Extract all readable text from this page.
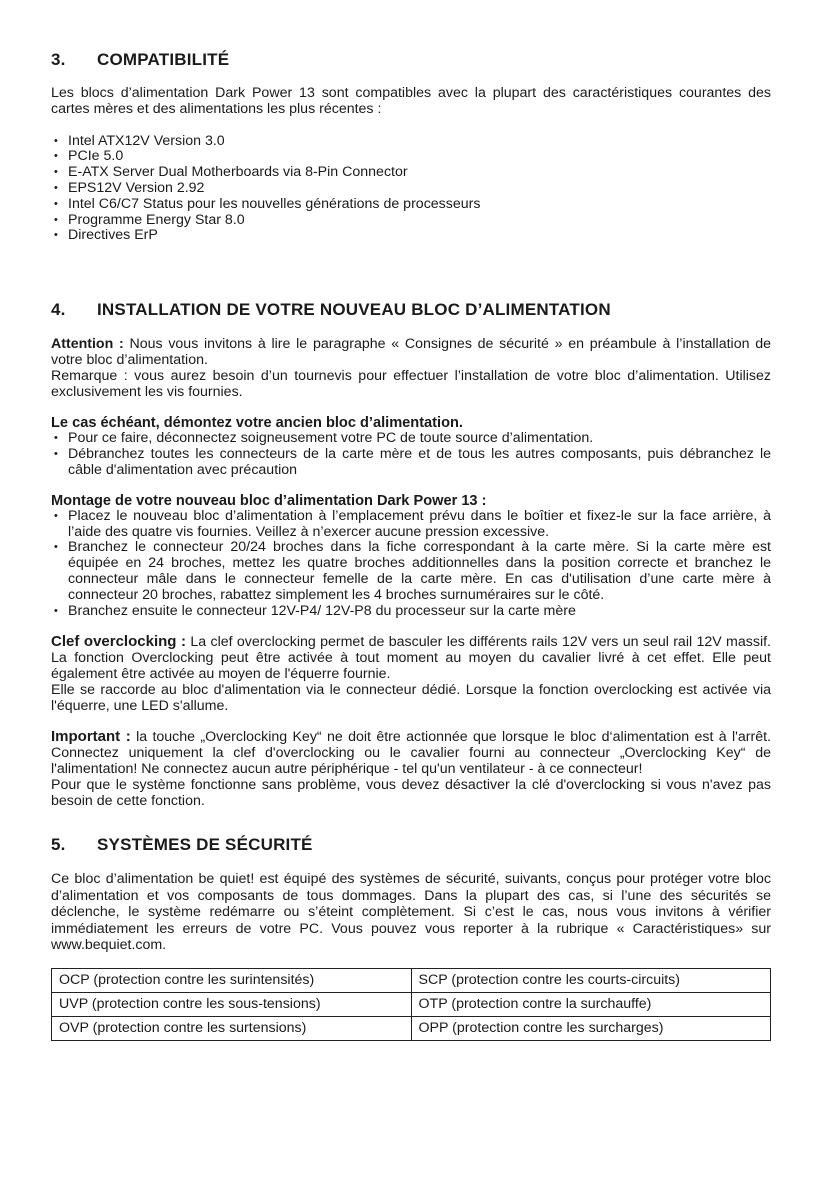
3.	COMPATIBILITÉ

Les blocs d’alimentation Dark Power 13 sont compatibles avec la plupart des caractéristiques courantes des cartes mères et des alimentations les plus récentes :

• Intel ATX12V Version 3.0
• PCIe 5.0
• E-ATX Server Dual Motherboards via 8-Pin Connector
• EPS12V Version 2.92
• Intel C6/C7 Status pour les nouvelles générations de processeurs
• Programme Energy Star 8.0
• Directives ErP
4.	INSTALLATION DE VOTRE NOUVEAU BLOC D’ALIMENTATION

Attention : Nous vous invitons à lire le paragraphe « Consignes de sécurité » en préambule à l’installation de votre bloc d’alimentation.

Remarque : vous aurez besoin d’un tournevis pour effectuer l’installation de votre bloc d’alimentation. Utilisez exclusivement les vis fournies.

Le cas échéant, démontez votre ancien bloc d’alimentation.
• Pour ce faire, déconnectez soigneusement votre PC de toute source d’alimentation.
• Débranchez toutes les connecteurs de la carte mère et de tous les autres composants, puis débranchez le câble d'alimentation avec précaution
Montage de votre nouveau bloc d’alimentation Dark Power 13 :
• Placez le nouveau bloc d’alimentation à l’emplacement prévu dans le boîtier et fixez-le sur la face arrière, à l’aide des quatre vis fournies. Veillez à n’exercer aucune pression excessive.
• Branchez le connecteur 20/24 broches dans la fiche correspondant à la carte mère. Si la carte mère est équipée en 24 broches, mettez les quatre broches additionnelles dans la position correcte et branchez le connecteur mâle dans le connecteur femelle de la carte mère. En cas d'utilisation d’une carte mère à connecteur 20 broches, rabattez simplement les 4 broches surnuméraires sur le côté.
• Branchez ensuite le connecteur 12V-P4/ 12V-P8 du processeur sur la carte mère

Clef overclocking : La clef overclocking permet de basculer les différents rails 12V vers un seul rail 12V massif. La fonction Overclocking peut être activée à tout moment au moyen du cavalier livré à cet effet. Elle peut également être activée au moyen de l'équerre fournie.

Elle se raccorde au bloc d'alimentation via le connecteur dédié. Lorsque la fonction overclocking est activée via l'équerre, une LED s'allume.

Important : la touche „Overclocking Key“ ne doit être actionnée que lorsque le bloc d‘alimentation est à l'arrêt. Connectez uniquement la clef d'overclocking ou le cavalier fourni au connecteur „Overclocking Key“ de l'alimentation! Ne connectez aucun autre périphérique - tel qu'un ventilateur - à ce connecteur!

Pour que le système fonctionne sans problème, vous devez désactiver la clé d'overclocking si vous n'avez pas besoin de cette fonction.

5.	SYSTÈMES DE SÉCURITÉ

Ce bloc d’alimentation be quiet! est équipé des systèmes de sécurité, suivants, conçus pour protéger votre bloc d’alimentation et vos composants de tous dommages. Dans la plupart des cas, si l’une des sécurités se déclenche, le système redémarre ou s’éteint complètement. Si c’est le cas, nous vous invitons à vérifier immédiatement les erreurs de votre PC. Vous pouvez vous reporter à la rubrique « Caractéristiques» sur www.bequiet.com.

OCP (protection contre les surintensités)	SCP (protection contre les courts-circuits)
UVP (protection contre les sous-tensions)	OTP (protection contre la surchauffe)
OVP (protection contre les surtensions)	OPP (protection contre les surcharges)
